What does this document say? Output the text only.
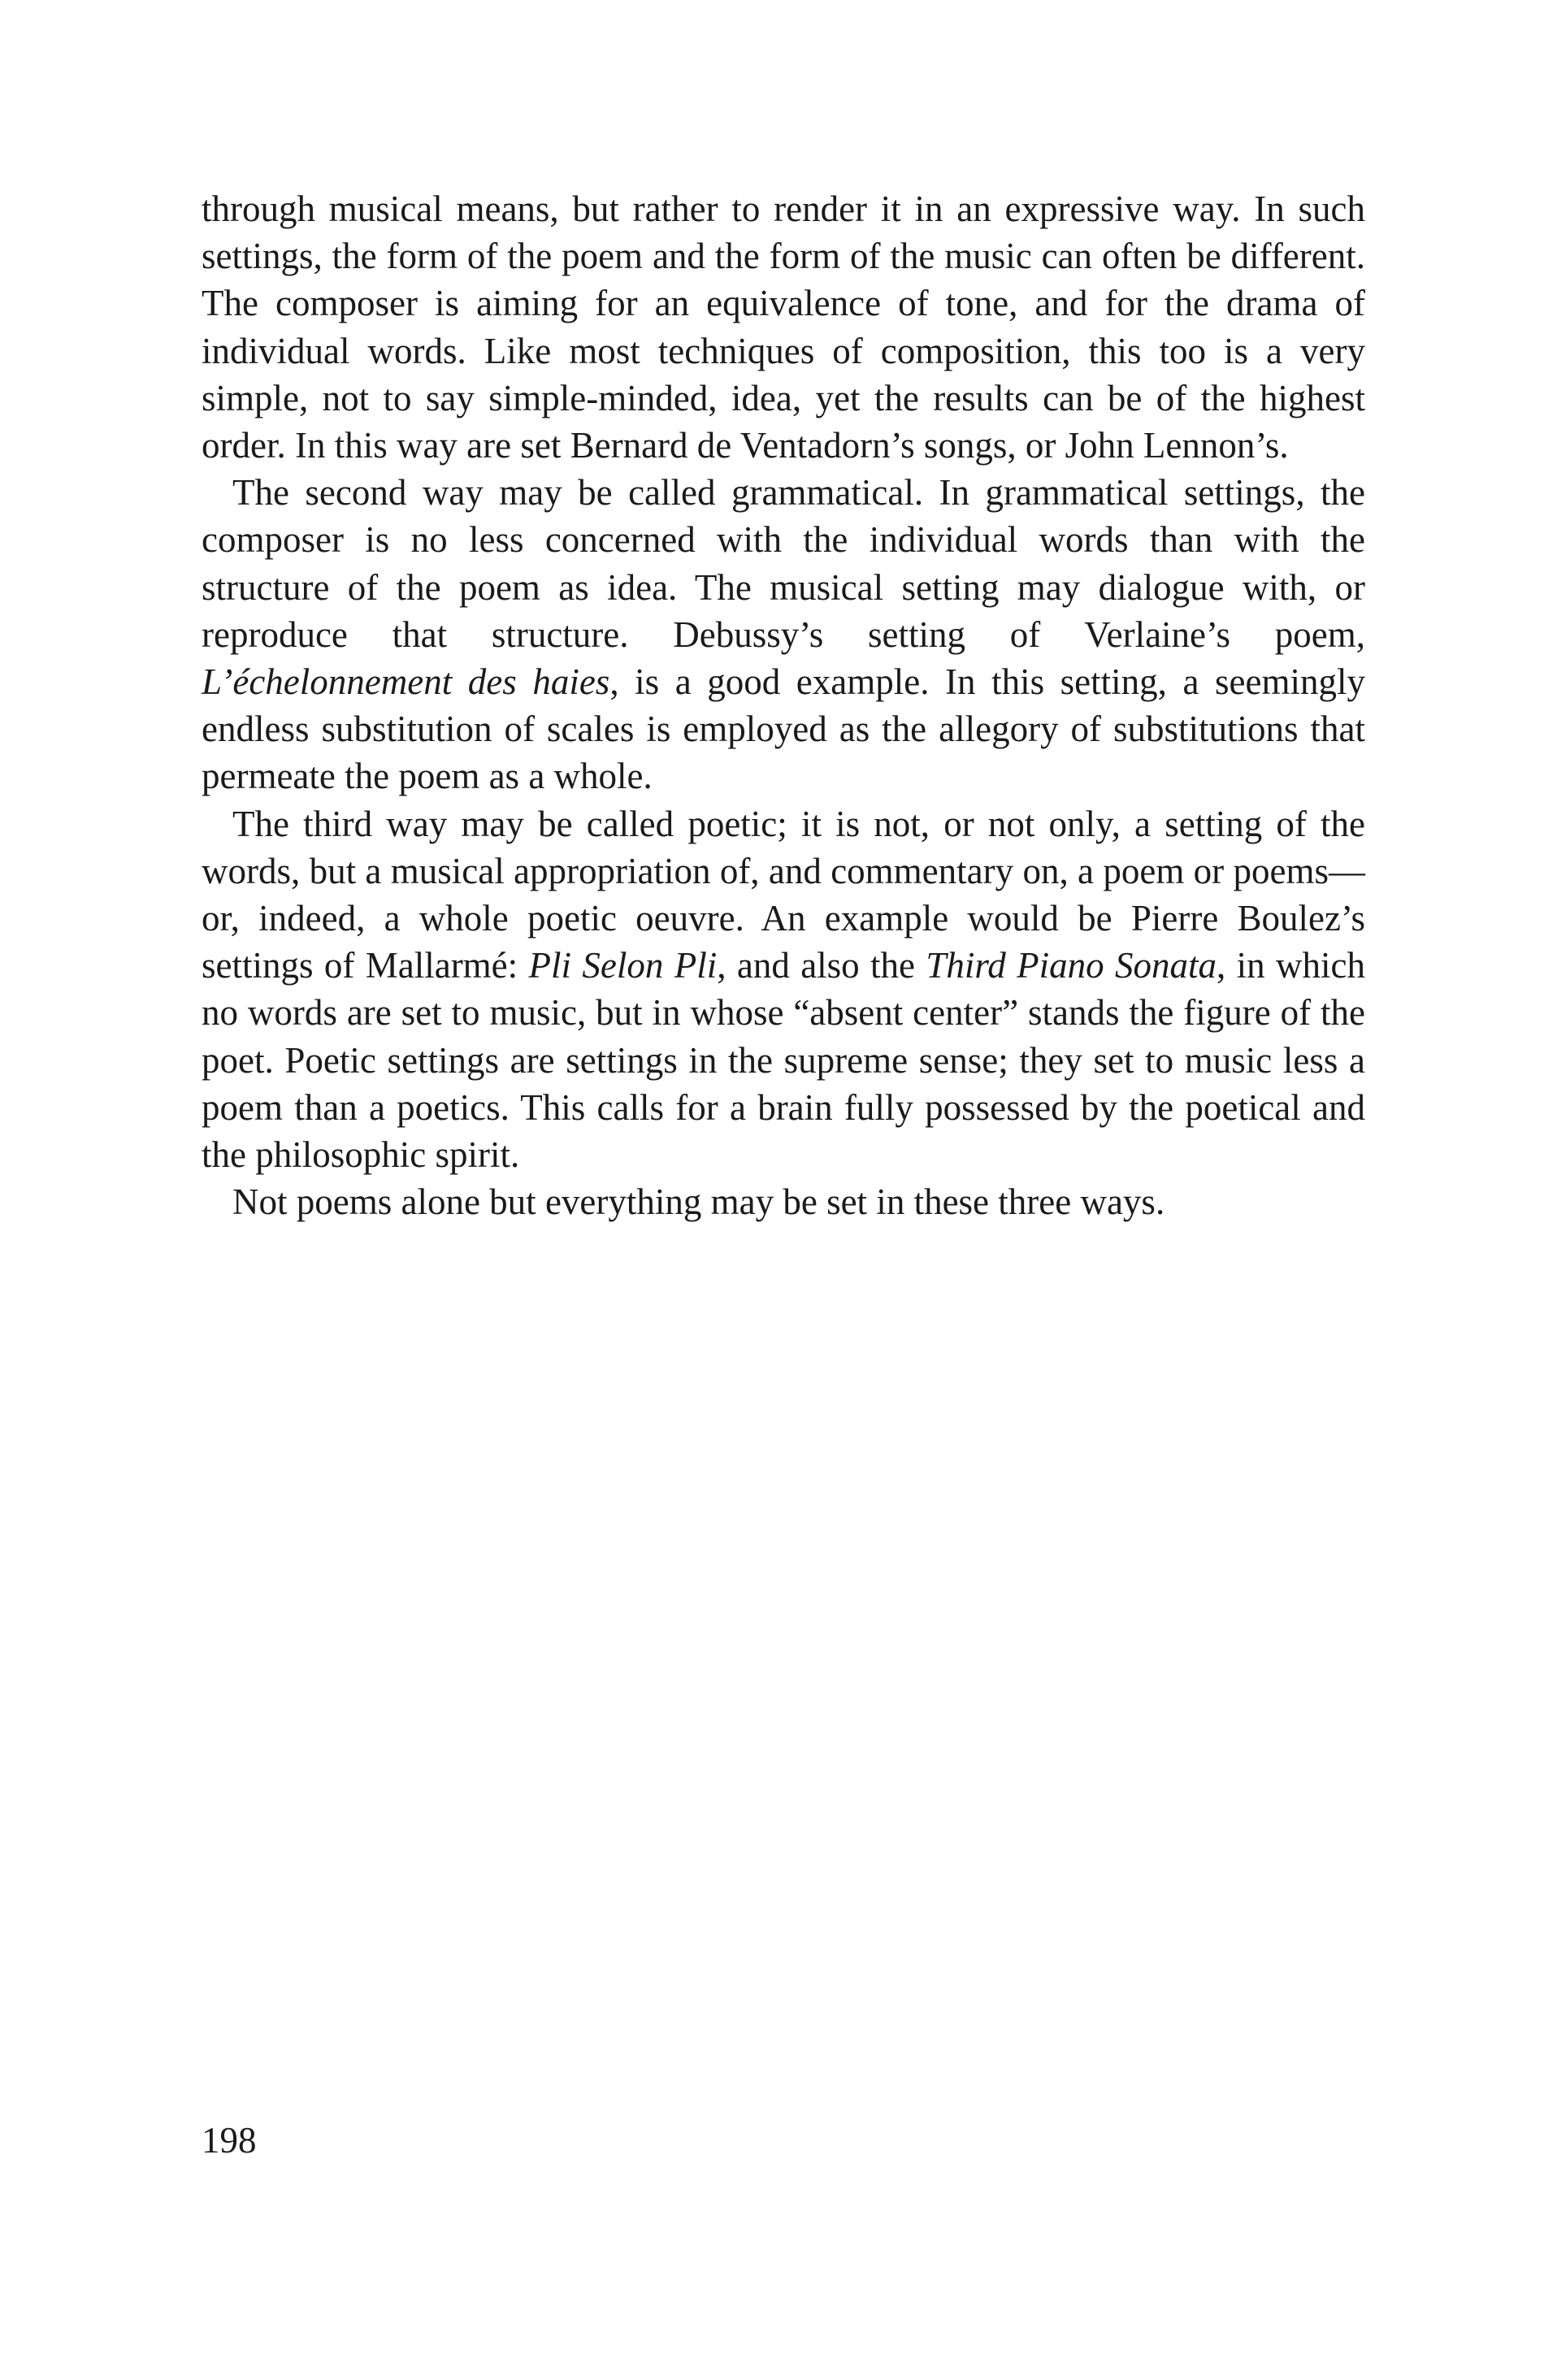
through musical means, but rather to render it in an expressive way. In such settings, the form of the poem and the form of the music can often be different. The composer is aiming for an equivalence of tone, and for the drama of individual words. Like most techniques of composition, this too is a very simple, not to say simple-minded, idea, yet the results can be of the highest order. In this way are set Bernard de Ventadorn’s songs, or John Lennon’s.

The second way may be called grammatical. In grammatical settings, the composer is no less concerned with the individual words than with the structure of the poem as idea. The musical setting may dialogue with, or reproduce that structure. Debussy’s setting of Verlaine’s poem, L’échelonnement des haies, is a good example. In this setting, a seemingly endless substitution of scales is employed as the allegory of substitutions that permeate the poem as a whole.

The third way may be called poetic; it is not, or not only, a setting of the words, but a musical appropriation of, and commentary on, a poem or poems—or, indeed, a whole poetic oeuvre. An example would be Pierre Boulez’s settings of Mallarmé: Pli Selon Pli, and also the Third Piano Sonata, in which no words are set to music, but in whose “absent center” stands the figure of the poet. Poetic settings are settings in the supreme sense; they set to music less a poem than a poetics. This calls for a brain fully possessed by the poetical and the philosophic spirit.

Not poems alone but everything may be set in these three ways.

198
